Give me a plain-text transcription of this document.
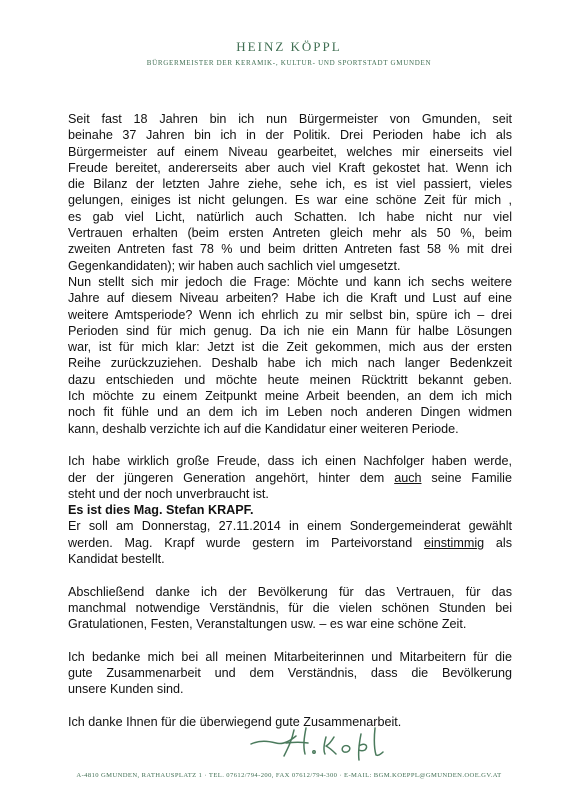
HEINZ KÖPPL
BÜRGERMEISTER DER KERAMIK-, KULTUR- UND SPORTSTADT GMUNDEN
Seit fast 18 Jahren bin ich nun Bürgermeister von Gmunden, seit
beinahe 37 Jahren bin ich in der Politik. Drei Perioden habe ich als
Bürgermeister auf einem Niveau gearbeitet, welches mir einerseits viel
Freude bereitet, andererseits aber auch viel Kraft gekostet hat. Wenn ich
die Bilanz der letzten Jahre ziehe, sehe ich, es ist viel passiert, vieles
gelungen, einiges ist nicht gelungen. Es war eine schöne Zeit für mich ,
es gab viel Licht, natürlich auch Schatten. Ich habe nicht nur viel
Vertrauen erhalten (beim ersten Antreten gleich mehr als 50 %, beim
zweiten Antreten fast 78 % und beim dritten Antreten fast 58 % mit drei
Gegenkandidaten); wir haben auch sachlich viel umgesetzt.
Nun stellt sich mir jedoch die Frage: Möchte und kann ich sechs weitere
Jahre auf diesem Niveau arbeiten? Habe ich die Kraft und Lust auf eine
weitere Amtsperiode? Wenn ich ehrlich zu mir selbst bin, spüre ich – drei
Perioden sind für mich genug. Da ich nie ein Mann für halbe Lösungen
war, ist für mich klar: Jetzt ist die Zeit gekommen, mich aus der ersten
Reihe zurückzuziehen. Deshalb habe ich mich nach langer Bedenkzeit
dazu entschieden und möchte heute meinen Rücktritt bekannt geben.
Ich möchte zu einem Zeitpunkt meine Arbeit beenden, an dem ich mich
noch fit fühle und an dem ich im Leben noch anderen Dingen widmen
kann, deshalb verzichte ich auf die Kandidatur einer weiteren Periode.
Ich habe wirklich große Freude, dass ich einen Nachfolger haben werde,
der der jüngeren Generation angehört, hinter dem auch seine Familie
steht und der noch unverbraucht ist.
Es ist dies Mag. Stefan KRAPF.
Er soll am Donnerstag, 27.11.2014 in einem Sondergemeinderat gewählt
werden. Mag. Krapf wurde gestern im Parteivorstand einstimmig als
Kandidat bestellt.
Abschließend danke ich der Bevölkerung für das Vertrauen, für das
manchmal notwendige Verständnis, für die vielen schönen Stunden bei
Gratulationen, Festen, Veranstaltungen usw. – es war eine schöne Zeit.
Ich bedanke mich bei all meinen Mitarbeiterinnen und Mitarbeitern für die
gute Zusammenarbeit und dem Verständnis, dass die Bevölkerung
unsere Kunden sind.
Ich danke Ihnen für die überwiegend gute Zusammenarbeit.
A-4810 GMUNDEN, RATHAUSPLATZ 1 · TEL. 07612/794-200, FAX 07612/794-300 · E-MAIL: BGM.KOEPPL@GMUNDEN.OOE.GV.AT
